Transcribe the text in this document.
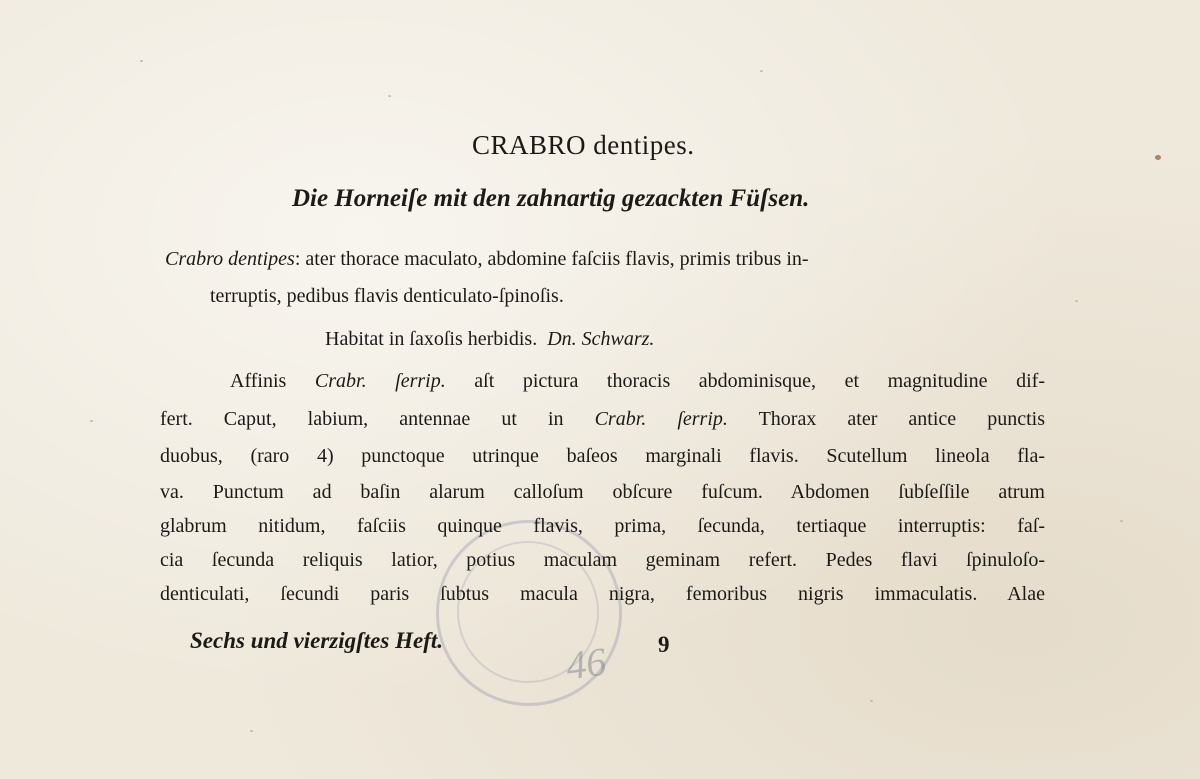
46
CRABRO dentipes.
Die Horneiſe mit den zahnartig gezackten Füſsen.
Crabro dentipes: ater thorace maculato, abdomine faſciis flavis, primis tribus in-
terruptis, pedibus flavis denticulato-ſpinoſis.
Habitat in ſaxoſis herbidis. Dn. Schwarz.
Affinis Crabr. ſerrip. aſt pictura thoracis abdominisque, et magnitudine dif-
fert. Caput, labium, antennae ut in Crabr. ſerrip. Thorax ater antice punctis
duobus, (raro 4) punctoque utrinque baſeos marginali flavis. Scutellum lineola fla-
va. Punctum ad baſin alarum calloſum obſcure fuſcum. Abdomen ſubſeſſile atrum
glabrum nitidum, faſciis quinque flavis, prima, ſecunda, tertiaque interruptis: faſ-
cia ſecunda reliquis latior, potius maculam geminam refert. Pedes flavi ſpinuloſo-
denticulati, ſecundi paris ſubtus macula nigra, femoribus nigris immaculatis. Alae
Sechs und vierzigſtes Heft.	9
